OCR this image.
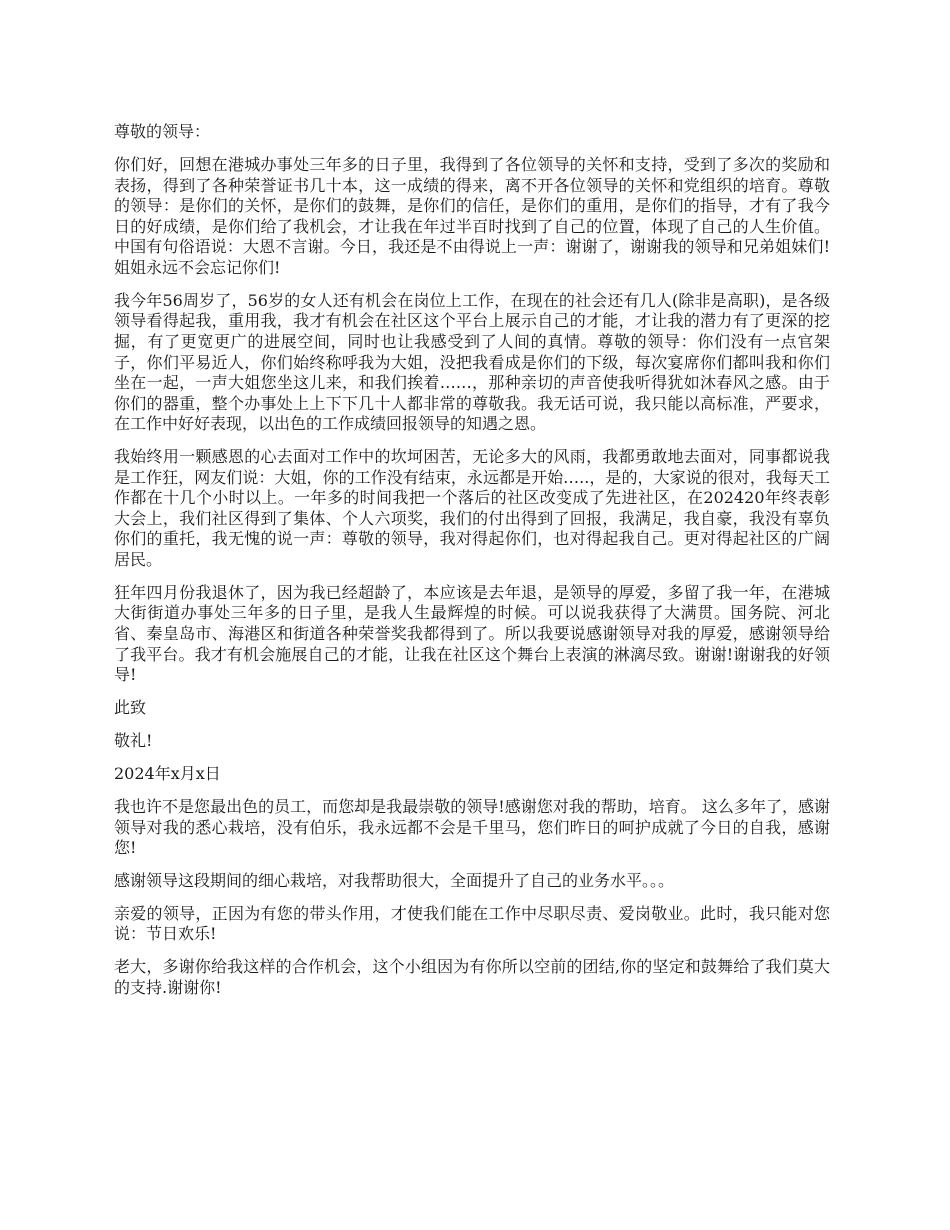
尊敬的领导：

你们好，回想在港城办事处三年多的日子里，我得到了各位领导的关怀和支持，受到了多次的奖励和表扬，得到了各种荣誉证书几十本，这一成绩的得来，离不开各位领导的关怀和党组织的培育。尊敬的领导：是你们的关怀，是你们的鼓舞，是你们的信任，是你们的重用，是你们的指导，才有了我今日的好成绩，是你们给了我机会，才让我在年过半百时找到了自己的位置，体现了自己的人生价值。中国有句俗语说：大恩不言谢。今日，我还是不由得说上一声：谢谢了，谢谢我的领导和兄弟姐妹们!姐姐永远不会忘记你们!

我今年56周岁了，56岁的女人还有机会在岗位上工作，在现在的社会还有几人(除非是高职)，是各级领导看得起我，重用我，我才有机会在社区这个平台上展示自己的才能，才让我的潜力有了更深的挖掘，有了更宽更广的进展空间，同时也让我感受到了人间的真情。尊敬的领导：你们没有一点官架子，你们平易近人，你们始终称呼我为大姐，没把我看成是你们的下级，每次宴席你们都叫我和你们坐在一起，一声大姐您坐这儿来，和我们挨着……，那种亲切的声音使我听得犹如沐春风之感。由于你们的器重，整个办事处上上下下几十人都非常的尊敬我。我无话可说，我只能以高标准，严要求，在工作中好好表现，以出色的工作成绩回报领导的知遇之恩。

我始终用一颗感恩的心去面对工作中的坎坷困苦，无论多大的风雨，我都勇敢地去面对，同事都说我是工作狂，网友们说：大姐，你的工作没有结束，永远都是开始…..，是的，大家说的很对，我每天工作都在十几个小时以上。一年多的时间我把一个落后的社区改变成了先进社区，在202420年终表彰大会上，我们社区得到了集体、个人六项奖，我们的付出得到了回报，我满足，我自豪，我没有辜负你们的重托，我无愧的说一声：尊敬的领导，我对得起你们，也对得起我自己。更对得起社区的广阔居民。

狂年四月份我退休了，因为我已经超龄了，本应该是去年退，是领导的厚爱，多留了我一年，在港城大街街道办事处三年多的日子里，是我人生最辉煌的时候。可以说我获得了大满贯。国务院、河北省、秦皇岛市、海港区和街道各种荣誉奖我都得到了。所以我要说感谢领导对我的厚爱，感谢领导给了我平台。我才有机会施展自己的才能，让我在社区这个舞台上表演的淋漓尽致。谢谢!谢谢我的好领导!

此致

敬礼!

2024年x月x日

我也许不是您最出色的员工，而您却是我最崇敬的领导!感谢您对我的帮助，培育。 这么多年了，感谢领导对我的悉心栽培，没有伯乐，我永远都不会是千里马，您们昨日的呵护成就了今日的自我，感谢您!

感谢领导这段期间的细心栽培，对我帮助很大，全面提升了自己的业务水平。。。

亲爱的领导，正因为有您的带头作用，才使我们能在工作中尽职尽责、爱岗敬业。此时，我只能对您说：节日欢乐!

老大，多谢你给我这样的合作机会，这个小组因为有你所以空前的团结,你的坚定和鼓舞给了我们莫大的支持.谢谢你!
